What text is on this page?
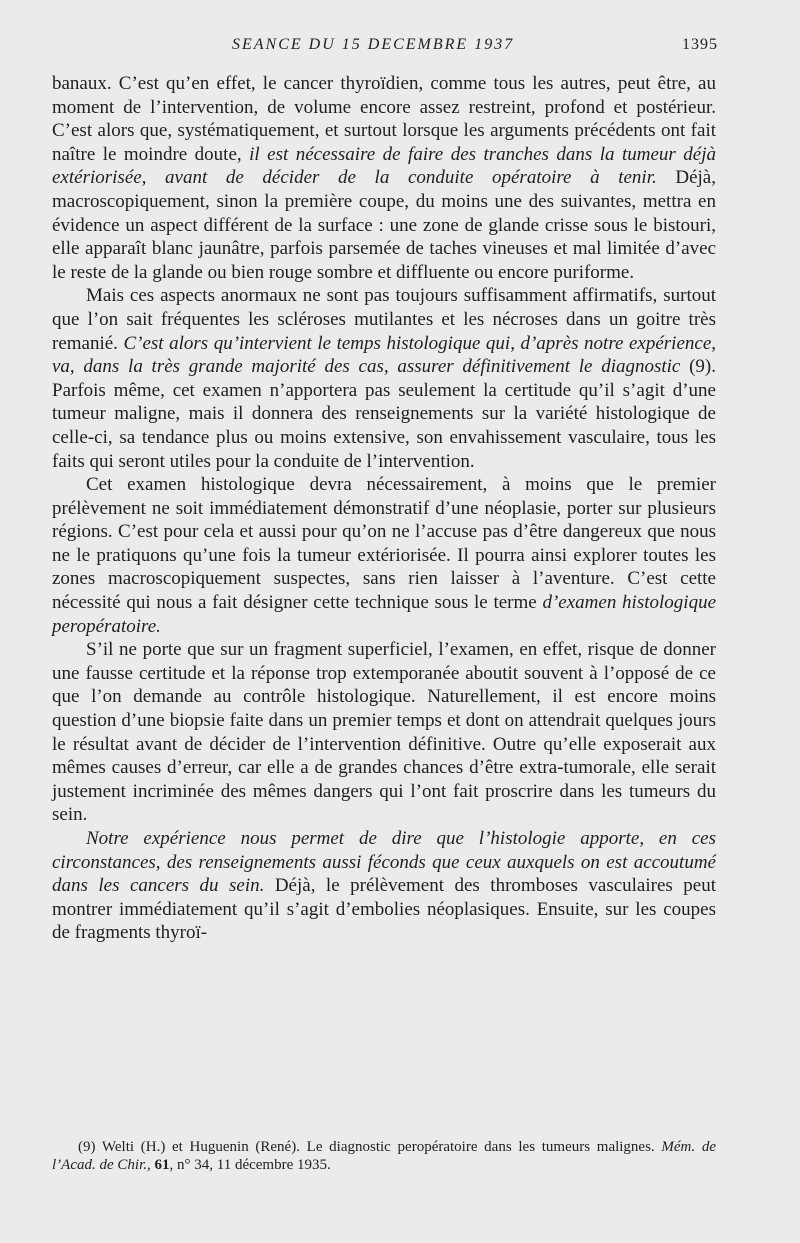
SEANCE DU 15 DECEMBRE 1937	1395

banaux. C’est qu’en effet, le cancer thyroïdien, comme tous les autres, peut être, au moment de l’intervention, de volume encore assez restreint, profond et postérieur. C’est alors que, systématiquement, et surtout lorsque les arguments précédents ont fait naître le moindre doute, il est nécessaire de faire des tranches dans la tumeur déjà extériorisée, avant de décider de la conduite opératoire à tenir. Déjà, macroscopiquement, sinon la première coupe, du moins une des suivantes, mettra en évidence un aspect différent de la surface : une zone de glande crisse sous le bistouri, elle apparaît blanc jaunâtre, parfois parsemée de taches vineuses et mal limitée d’avec le reste de la glande ou bien rouge sombre et diffluente ou encore puriforme.

Mais ces aspects anormaux ne sont pas toujours suffisamment affirmatifs, surtout que l’on sait fréquentes les scléroses mutilantes et les nécroses dans un goitre très remanié. C’est alors qu’intervient le temps histologique qui, d’après notre expérience, va, dans la très grande majorité des cas, assurer définitivement le diagnostic (9). Parfois même, cet examen n’apportera pas seulement la certitude qu’il s’agit d’une tumeur maligne, mais il donnera des renseignements sur la variété histologique de celle-ci, sa tendance plus ou moins extensive, son envahissement vasculaire, tous les faits qui seront utiles pour la conduite de l’intervention.

Cet examen histologique devra nécessairement, à moins que le premier prélèvement ne soit immédiatement démonstratif d’une néoplasie, porter sur plusieurs régions. C’est pour cela et aussi pour qu’on ne l’accuse pas d’être dangereux que nous ne le pratiquons qu’une fois la tumeur extériorisée. Il pourra ainsi explorer toutes les zones macroscopiquement suspectes, sans rien laisser à l’aventure. C’est cette nécessité qui nous a fait désigner cette technique sous le terme d’examen histologique peropératoire.

S’il ne porte que sur un fragment superficiel, l’examen, en effet, risque de donner une fausse certitude et la réponse trop extemporanée aboutit souvent à l’opposé de ce que l’on demande au contrôle histologique. Naturellement, il est encore moins question d’une biopsie faite dans un premier temps et dont on attendrait quelques jours le résultat avant de décider de l’intervention définitive. Outre qu’elle exposerait aux mêmes causes d’erreur, car elle a de grandes chances d’être extra-tumorale, elle serait justement incriminée des mêmes dangers qui l’ont fait proscrire dans les tumeurs du sein.

Notre expérience nous permet de dire que l’histologie apporte, en ces circonstances, des renseignements aussi féconds que ceux auxquels on est accoutumé dans les cancers du sein. Déjà, le prélèvement des thromboses vasculaires peut montrer immédiatement qu’il s’agit d’embolies néoplasiques. Ensuite, sur les coupes de fragments thyroï-

(9) Welti (H.) et Huguenin (René). Le diagnostic peropératoire dans les tumeurs malignes. Mém. de l’Acad. de Chir., 61, n° 34, 11 décembre 1935.
